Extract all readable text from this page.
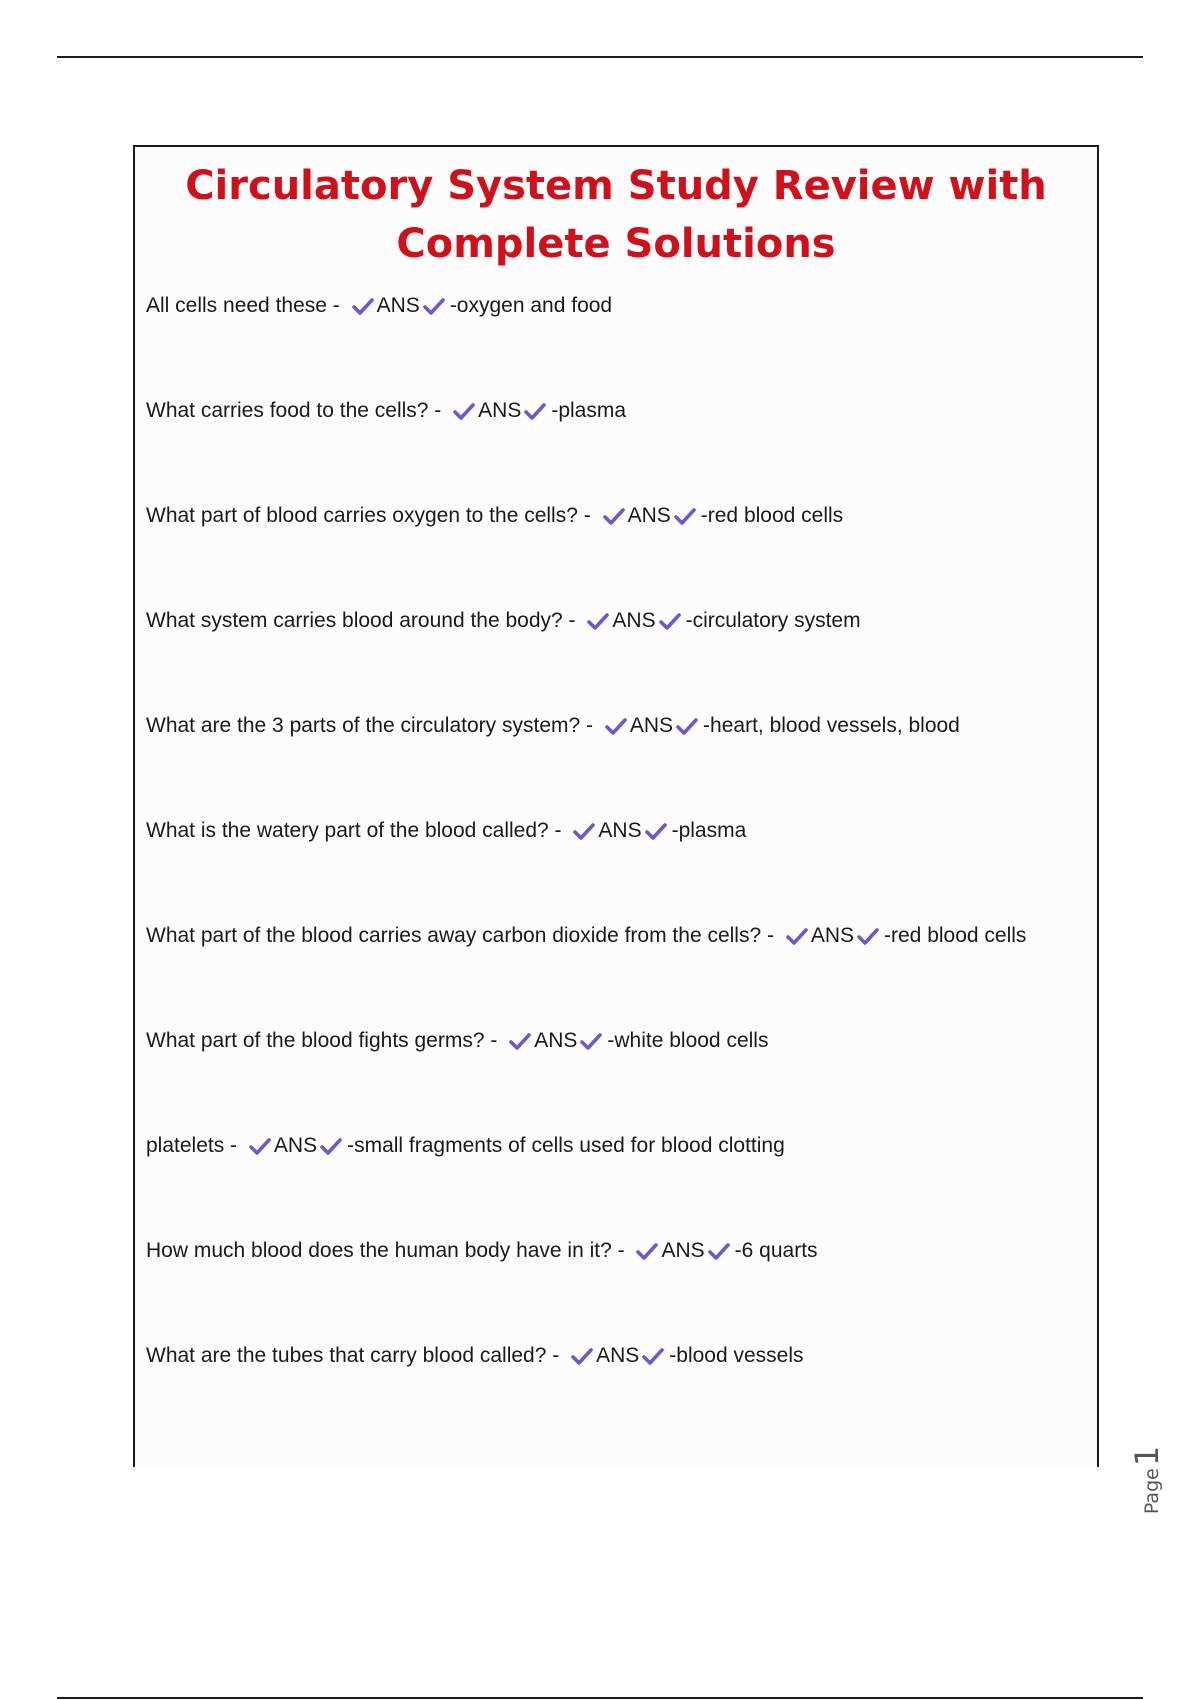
Circulatory System Study Review with Complete Solutions
All cells need these - ANS -oxygen and food
What carries food to the cells? - ANS -plasma
What part of blood carries oxygen to the cells? - ANS -red blood cells
What system carries blood around the body? - ANS -circulatory system
What are the 3 parts of the circulatory system? - ANS -heart, blood vessels, blood
What is the watery part of the blood called? - ANS -plasma
What part of the blood carries away carbon dioxide from the cells? - ANS -red blood cells
What part of the blood fights germs? - ANS -white blood cells
platelets - ANS -small fragments of cells used for blood clotting
How much blood does the human body have in it? - ANS -6 quarts
What are the tubes that carry blood called? - ANS -blood vessels
Page
1
